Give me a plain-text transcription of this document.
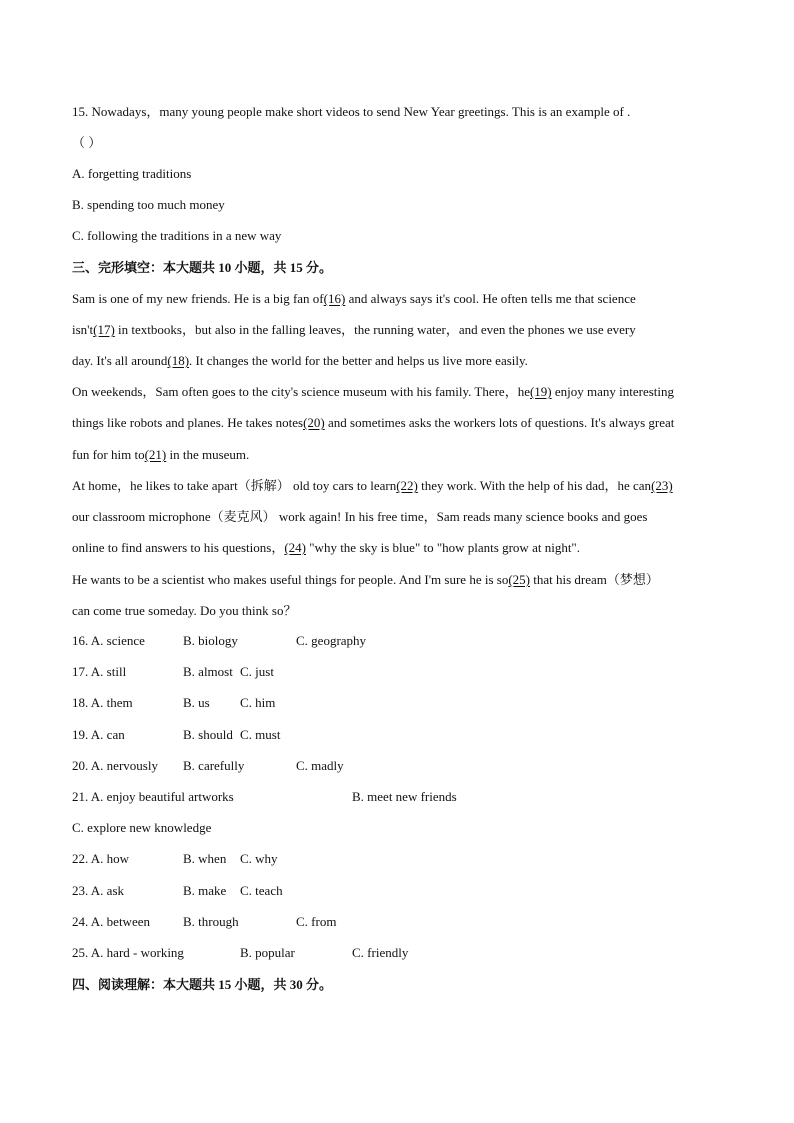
15. Nowadays，many young people make short videos to send New Year greetings. This is an example of .
（ ）
A. forgetting traditions
B. spending too much money
C. following the traditions in a new way
三、完形填空：本大题共 10 小题，共 15 分。
Sam is one of my new friends. He is a big fan of(16) and always says it's cool. He often tells me that science
isn't(17) in textbooks，but also in the falling leaves，the running water，and even the phones we use every
day. It's all around(18). It changes the world for the better and helps us live more easily.
On weekends，Sam often goes to the city's science museum with his family. There，he(19) enjoy many interesting
things like robots and planes. He takes notes(20) and sometimes asks the workers lots of questions. It's always great
fun for him to(21) in the museum.
At home，he likes to take apart（拆解） old toy cars to learn(22) they work. With the help of his dad，he can(23)
our classroom microphone（麦克风） work again! In his free time，Sam reads many science books and goes
online to find answers to his questions，(24) "why the sky is blue" to "how plants grow at night".
He wants to be a scientist who makes useful things for people. And I'm sure he is so(25) that his dream（梦想）
can come true someday. Do you think so？
16. A. science	B. biology	C. geography
17. A. still	B. almost C. just
18. A. them	B. us C. him
19. A. can	B. should C. must
20. A. nervously B. carefully	C. madly
21. A. enjoy beautiful artworks	B. meet new friends
C. explore new knowledge
22. A. how	B. when C. why
23. A. ask	B. make C. teach
24. A. between	B. through	C. from
25. A. hard - working	B. popular	C. friendly
四、阅读理解：本大题共 15 小题，共 30 分。
